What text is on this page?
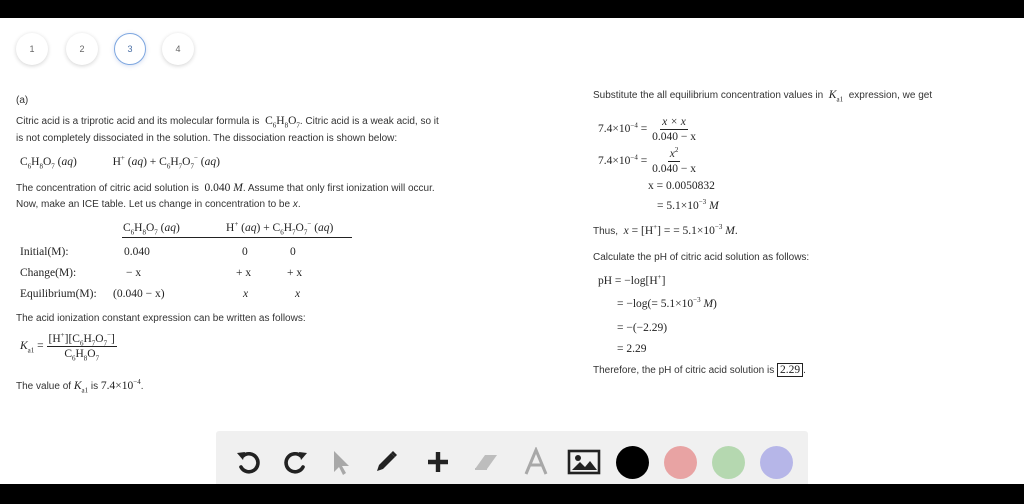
1	2	3	4
(a)
Citric acid is a triprotic acid and its molecular formula is  $C_6H_8O_7$. Citric acid is a weak acid, so it
is not completely dissociated in the solution. The dissociation reaction is shown below:
$C_6H_8O_7$ (aq)	H+ $(aq) + C_6H_7O_7^-$ (aq)
The concentration of citric acid solution is 0.040 M. Assume that only first ionization will occur.
Now, make an ICE table. Let us change in concentration to be x.
$C_6H_8O_7$ (aq)	H+ $(aq) + C_6H_7O_7^-$ (aq)
Initial(M):	0.040	0	0
Change(M):	− x	+ x	+ x
Equilibrium(M): (0.040 − x)	x	x
The acid ionization constant expression can be written as follows:
$K_{a1} = \frac{[H^+][C_6H_7O_7^-]}{C_6H_8O_7}$
The value of $K_{a1}$ is $7.4\times 10^{-4}$.
Substitute the all equilibrium concentration values in $K_{a1}$ expression, we get
$7.4\times 10^{-4} = \frac{x \times x}{0.040 - x}$
$7.4\times 10^{-4} = \frac{x^2}{0.040 - x}$
x = 0.0050832
= $5.1\times 10^{-3}$ M
Thus, x = [H+] = = $5.1\times 10^{-3}$ M.
Calculate the pH of citric acid solution as follows:
pH = −log[H+]
= $-\log(= 5.1\times 10^{-3}$ M)
= −(−2.29)
= 2.29
Therefore, the pH of citric acid solution is 2.29 .
